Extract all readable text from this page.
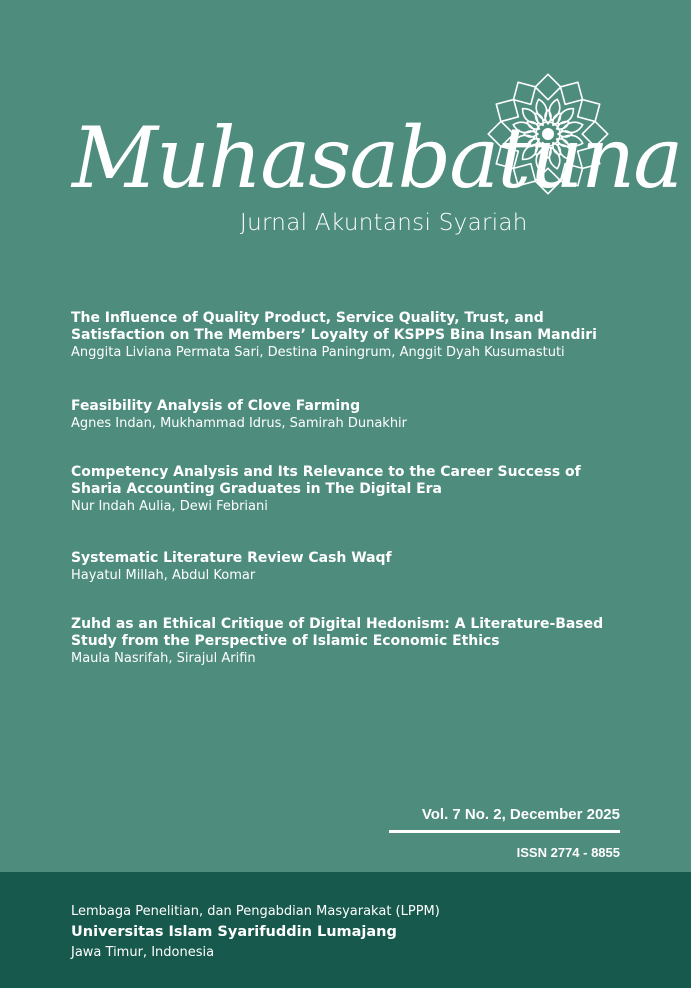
Muhasabatuna
Jurnal Akuntansi Syariah

The Influence of Quality Product, Service Quality, Trust, and Satisfaction on The Members’ Loyalty of KSPPS Bina Insan Mandiri

Anggita Liviana Permata Sari, Destina Paningrum, Anggit Dyah Kusumastuti

Feasibility Analysis of Clove Farming

Agnes Indan, Mukhammad Idrus, Samirah Dunakhir

Competency Analysis and Its Relevance to the Career Success of Sharia Accounting Graduates in The Digital Era

Nur Indah Aulia, Dewi Febriani

Systematic Literature Review Cash Waqf

Hayatul Millah, Abdul Komar

Zuhd as an Ethical Critique of Digital Hedonism: A Literature-Based Study from the Perspective of Islamic Economic Ethics

Maula Nasrifah, Sirajul Arifin

Vol. 7 No. 2, December 2025
ISSN 2774 - 8855
Lembaga Penelitian, dan Pengabdian Masyarakat (LPPM)
Universitas Islam Syarifuddin Lumajang
Jawa Timur, Indonesia
